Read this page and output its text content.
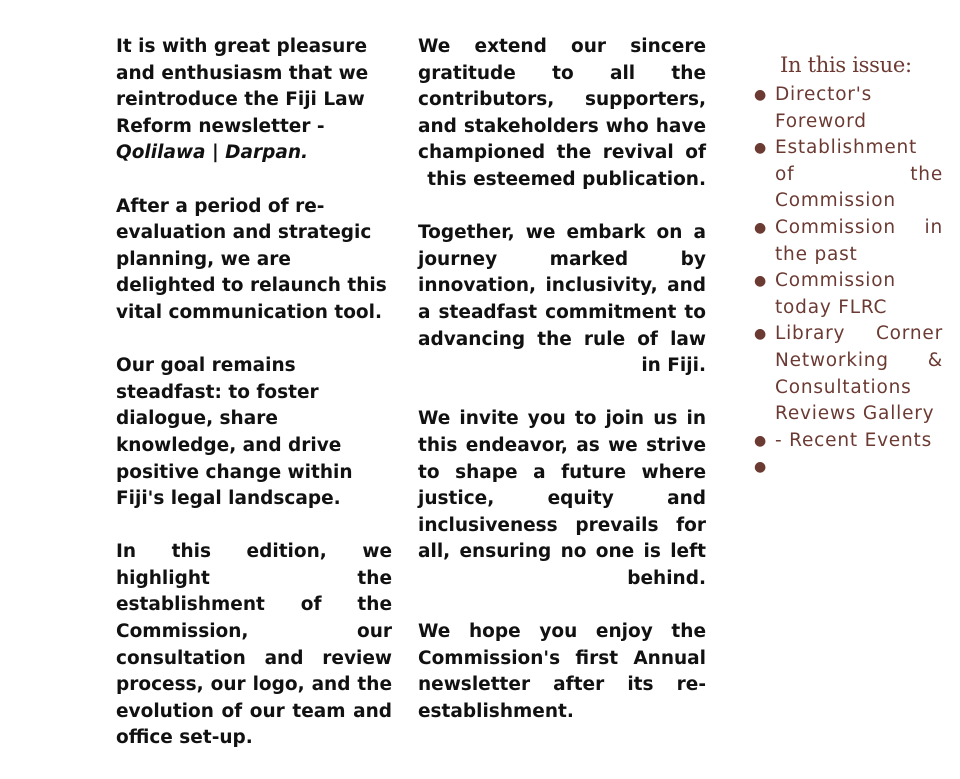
It is with great pleasure and enthusiasm that we reintroduce the Fiji Law Reform newsletter - Qolilawa | Darpan.

After a period of re-evaluation and strategic planning, we are delighted to relaunch this vital communication tool.

Our goal remains steadfast: to foster dialogue, share knowledge, and drive positive change within Fiji's legal landscape.

In this edition, we highlight the establishment of the Commission, our consultation and review process, our logo, and the evolution of our team and office set-up.

We extend our sincere gratitude to all the contributors, supporters, and stakeholders who have championed the revival of this esteemed publication.

Together, we embark on a journey marked by innovation, inclusivity, and a steadfast commitment to advancing the rule of law in Fiji.

We invite you to join us in this endeavor, as we strive to shape a future where justice, equity and inclusiveness prevails for all, ensuring no one is left behind.

We hope you enjoy the Commission's first Annual newsletter after its re-establishment.

In this issue:
● Director's Foreword
● Establishment of the Commission
● Commission in the past
● Commission today FLRC
● Library Corner Networking & Consultations Reviews Gallery
● - Recent Events
●
